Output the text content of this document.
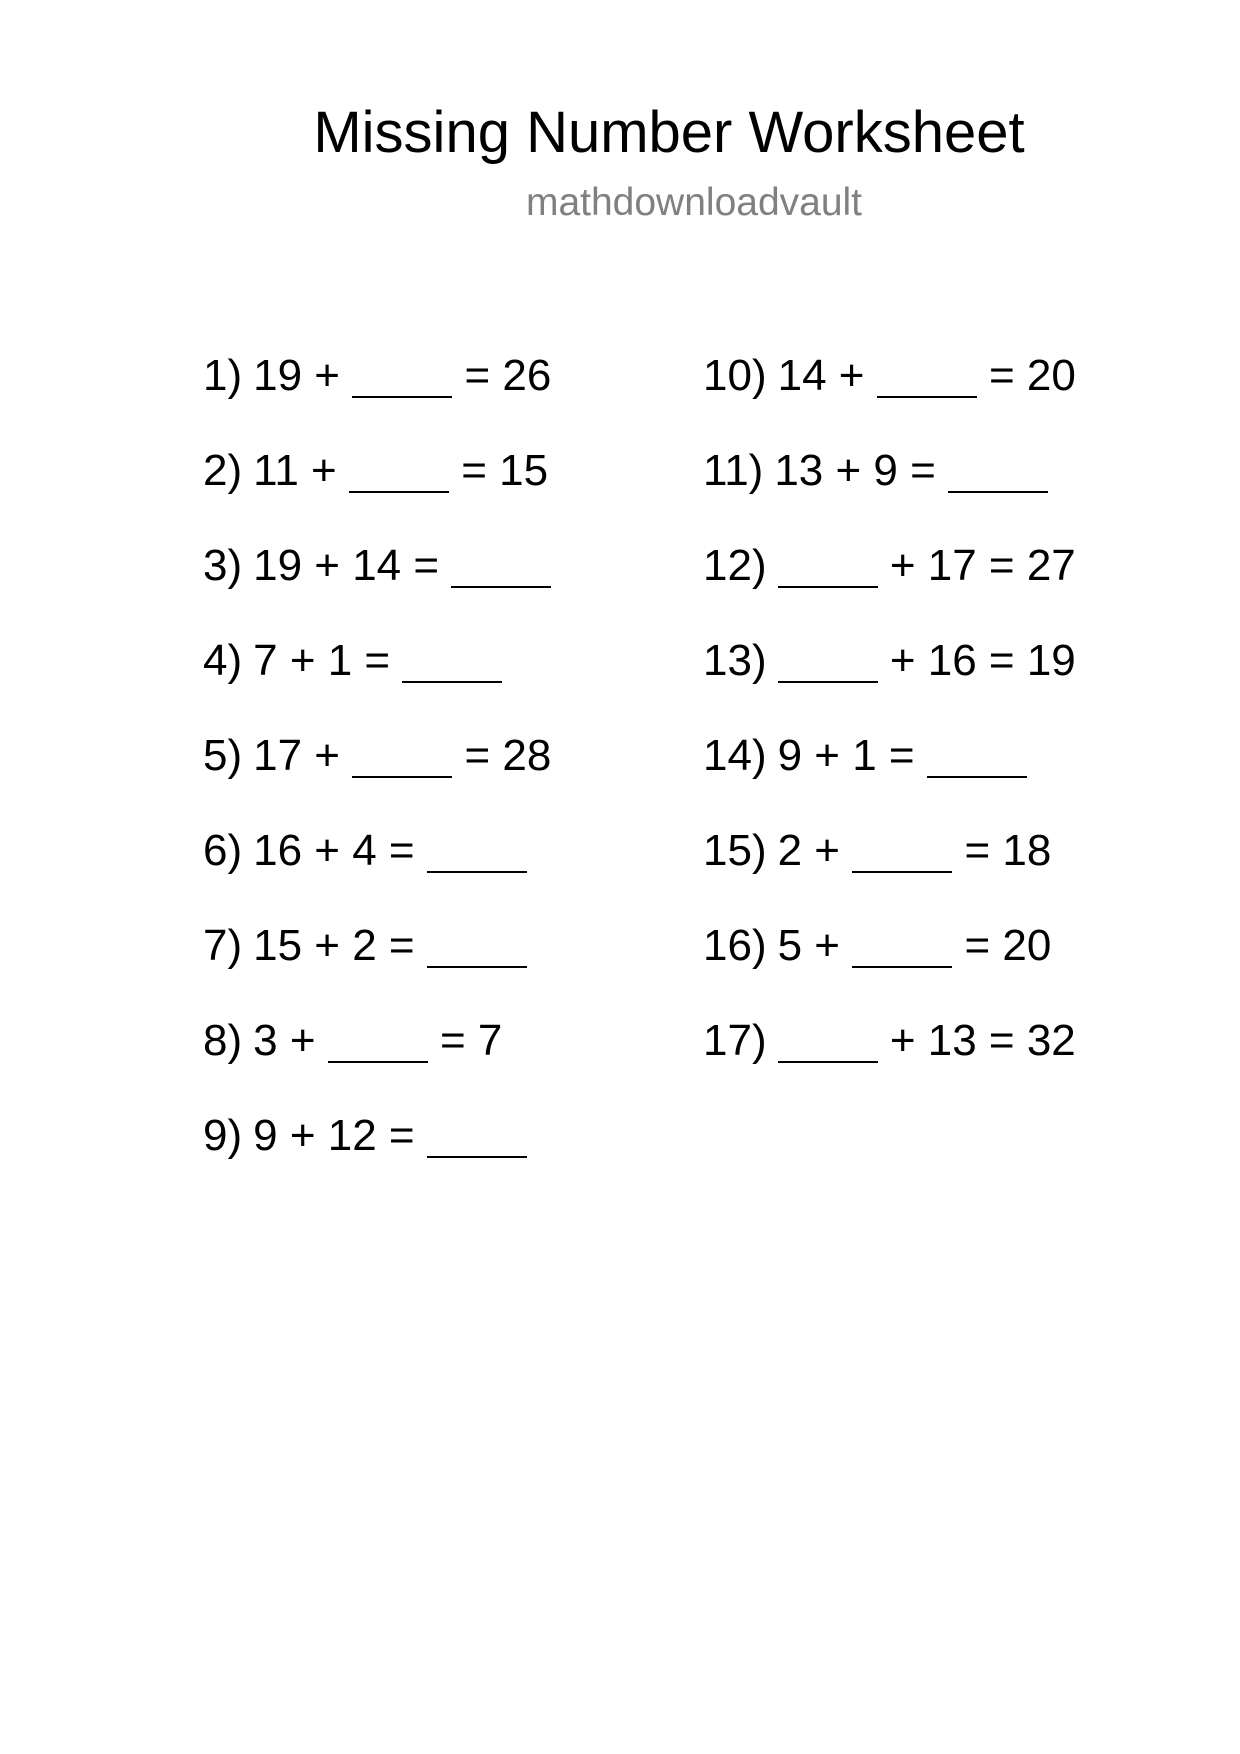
Missing Number Worksheet
mathdownloadvault
1) 19 +	= 26
2) 11 +	= 15
3) 19 + 14 =
4) 7 + 1 =
5) 17 +	= 28
6) 16 + 4 =
7) 15 + 2 =
8) 3 +	= 7
9) 9 + 12 =
10) 14 +	= 20
11) 13 + 9 =
12)	+ 17 = 27
13)	+ 16 = 19
14) 9 + 1 =
15) 2 +	= 18
16) 5 +	= 20
17)	+ 13 = 32
